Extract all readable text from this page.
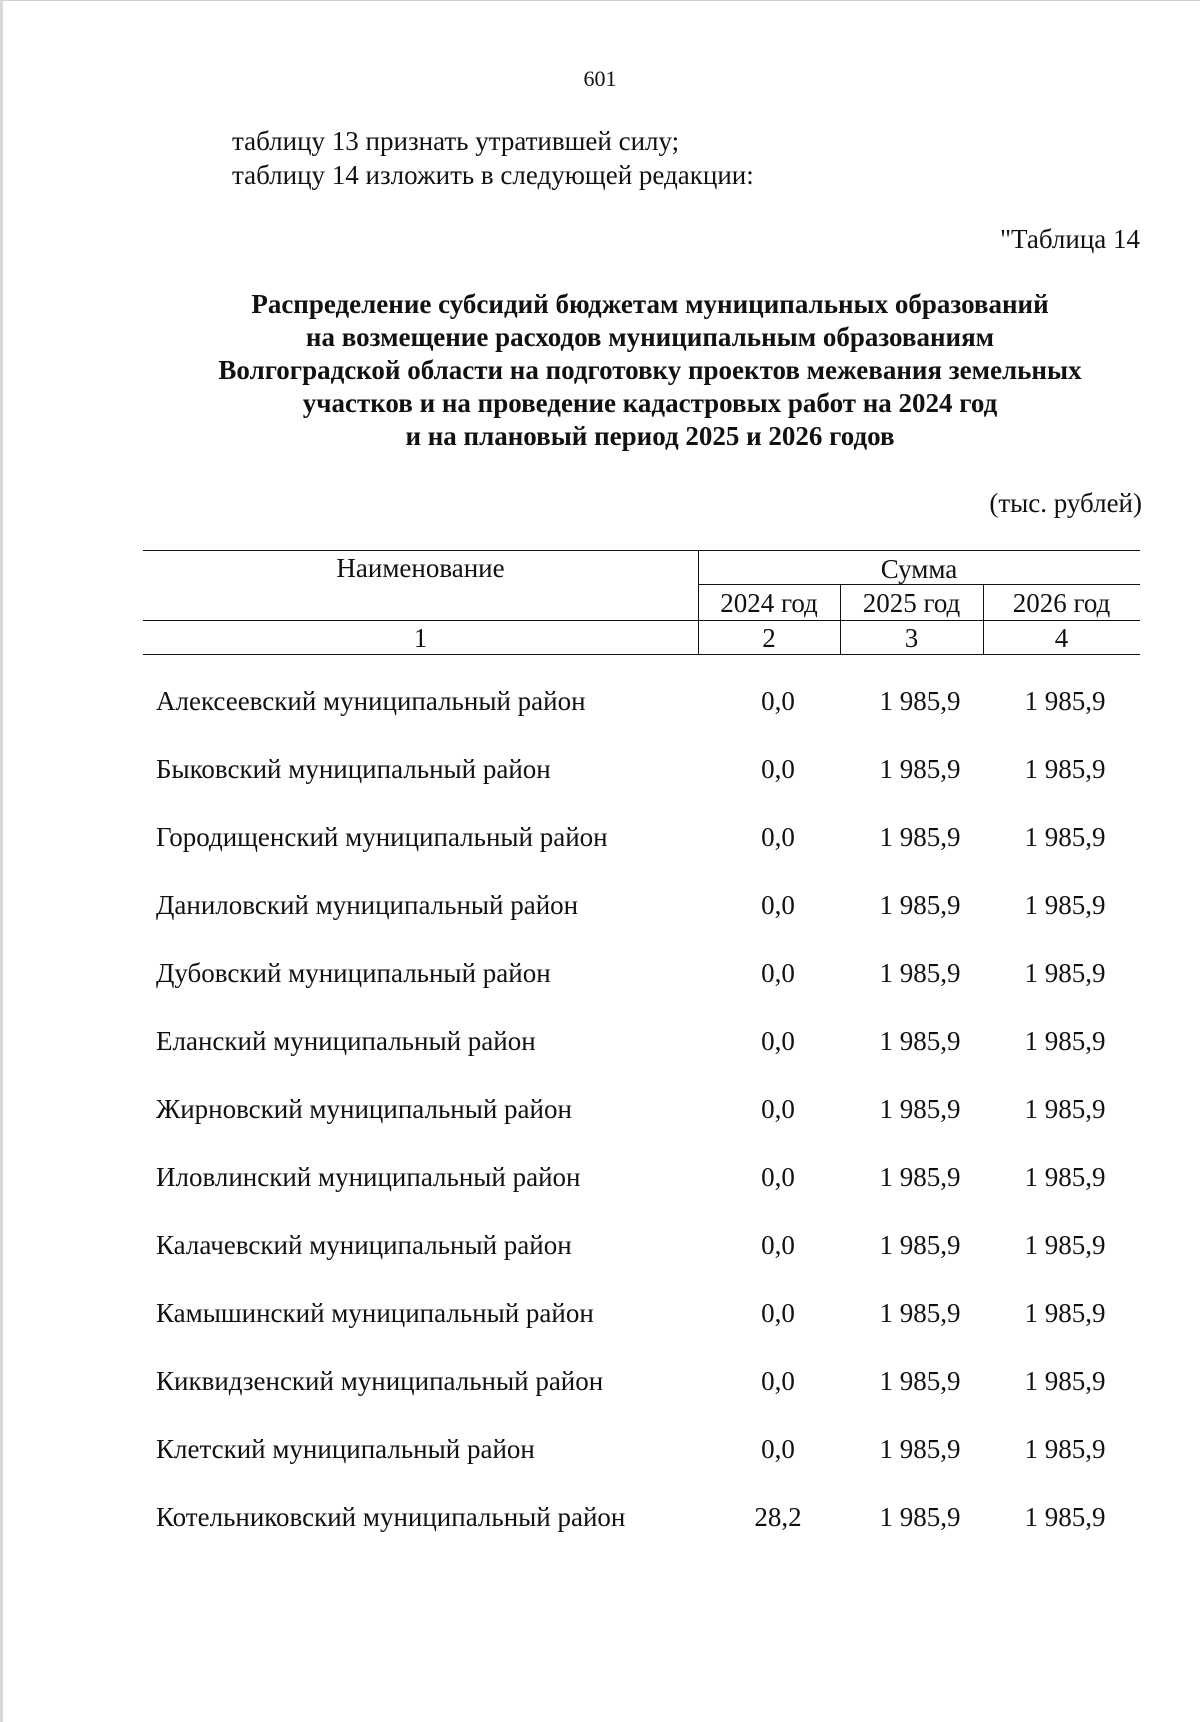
601
таблицу 13 признать утратившей силу;
таблицу 14 изложить в следующей редакции:
"Таблица 14
Распределение субсидий бюджетам муниципальных образований
на возмещение расходов муниципальным образованиям
Волгоградской области на подготовку проектов межевания земельных
участков и на проведение кадастровых работ на 2024 год
и на плановый период 2025 и 2026 годов
(тыс. рублей)
Наименование	Сумма
2024 год	2025 год	2026 год
1	2	3	4
Алексеевский муниципальный район	0,0	1 985,9	1 985,9
Быковский муниципальный район	0,0	1 985,9	1 985,9
Городищенский муниципальный район	0,0	1 985,9	1 985,9
Даниловский муниципальный район	0,0	1 985,9	1 985,9
Дубовский муниципальный район	0,0	1 985,9	1 985,9
Еланский муниципальный район	0,0	1 985,9	1 985,9
Жирновский муниципальный район	0,0	1 985,9	1 985,9
Иловлинский муниципальный район	0,0	1 985,9	1 985,9
Калачевский муниципальный район	0,0	1 985,9	1 985,9
Камышинский муниципальный район	0,0	1 985,9	1 985,9
Киквидзенский муниципальный район	0,0	1 985,9	1 985,9
Клетский муниципальный район	0,0	1 985,9	1 985,9
Котельниковский муниципальный район	28,2	1 985,9	1 985,9
